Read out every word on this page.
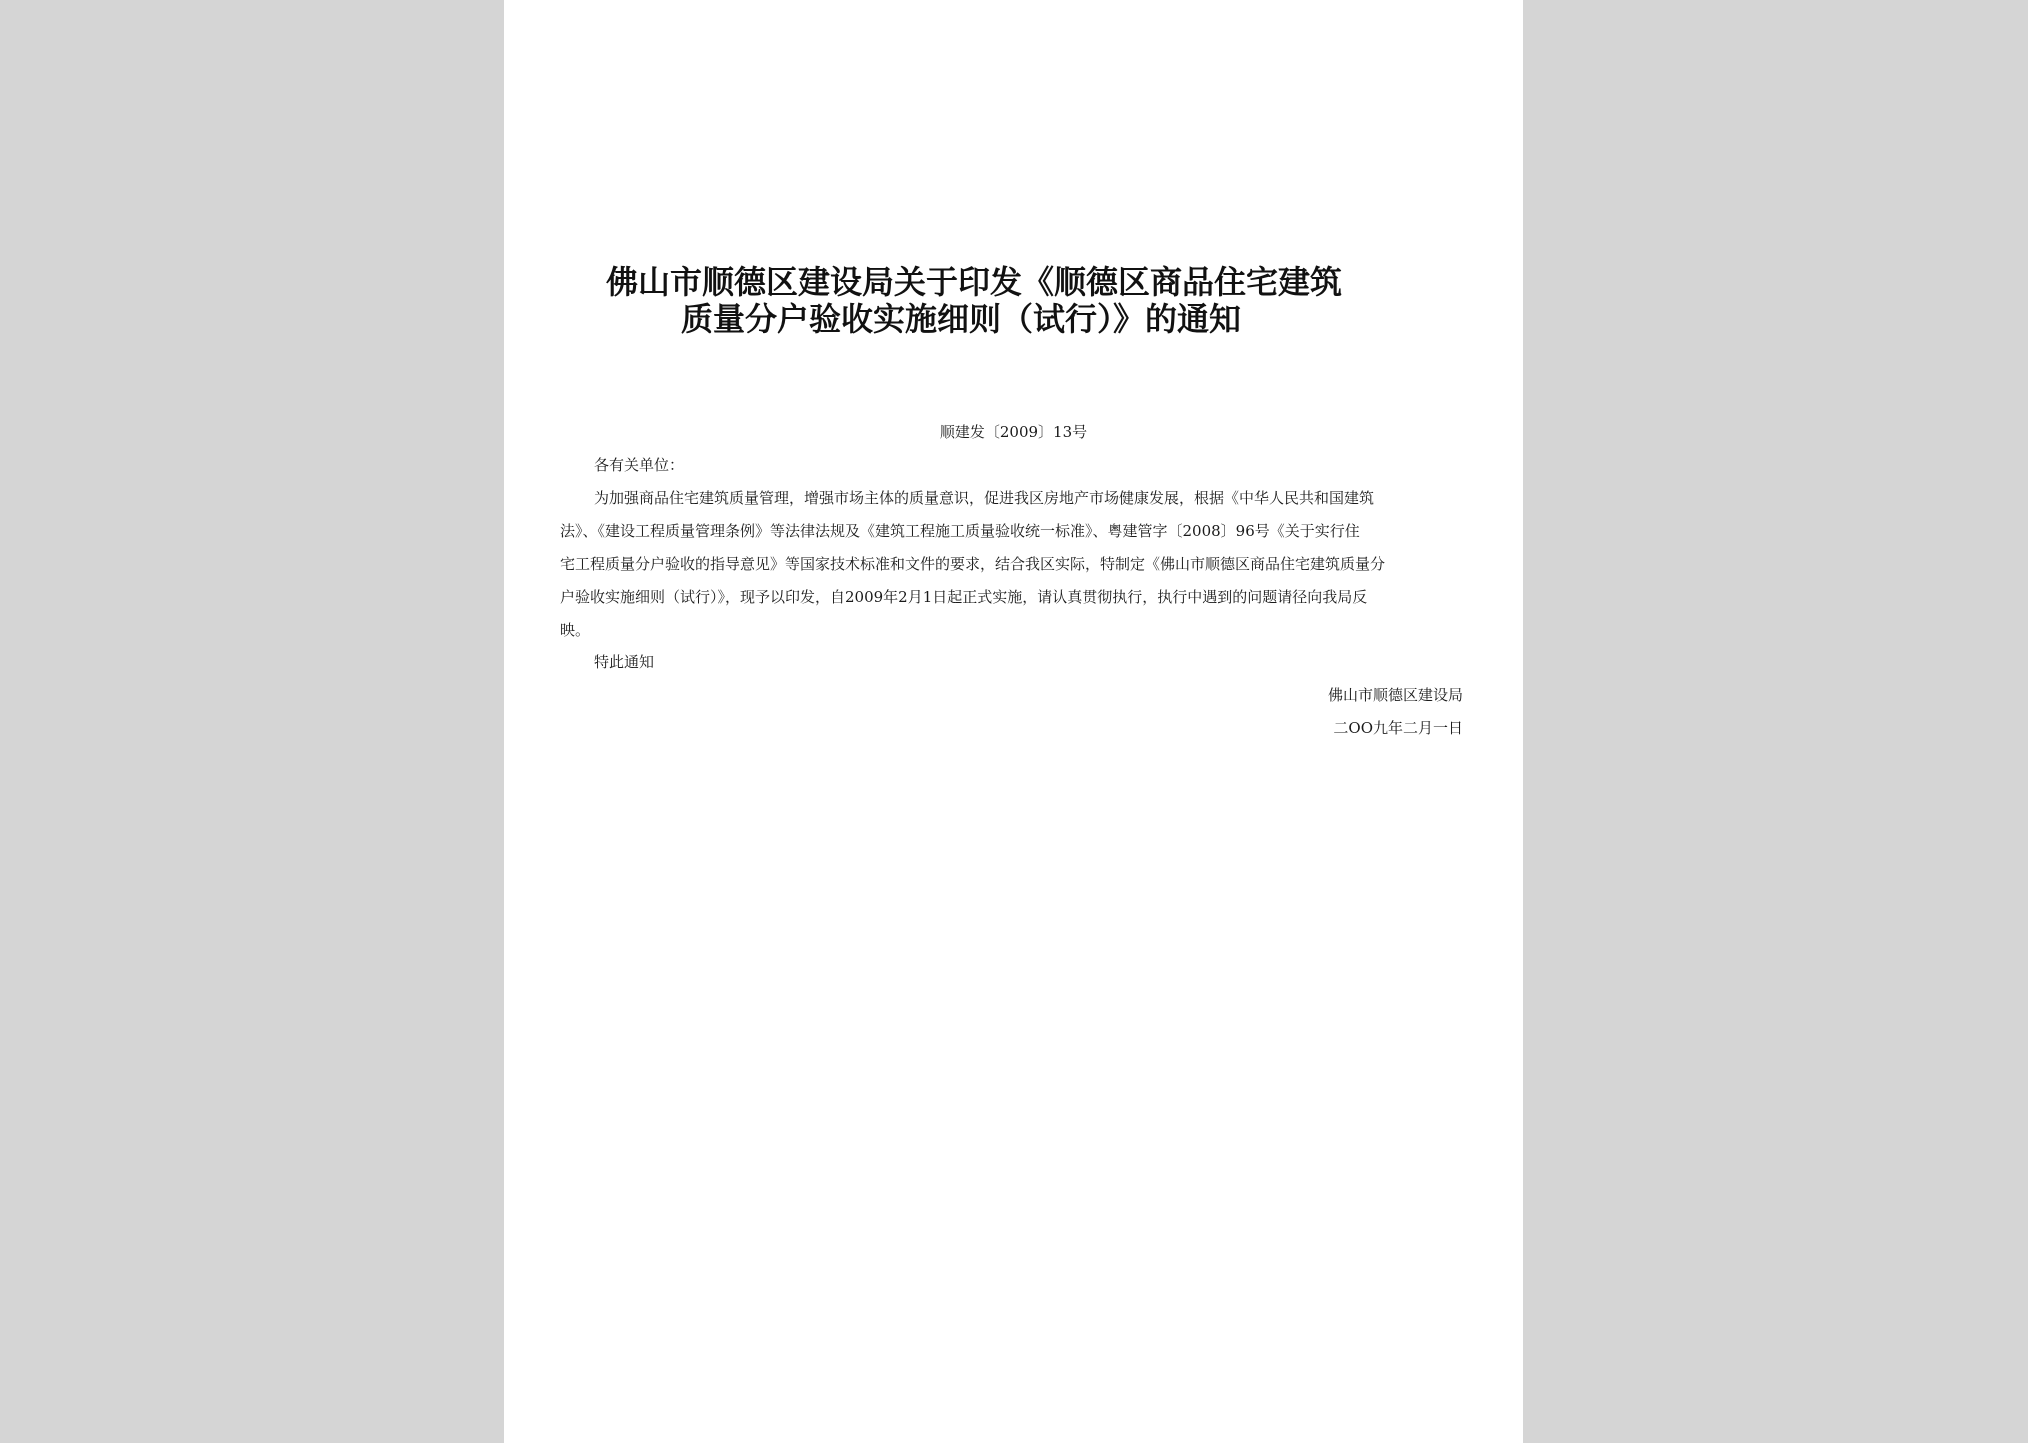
佛山市顺德区建设局关于印发《顺德区商品住宅建筑
质量分户验收实施细则（试行）》的通知
顺建发〔2009〕13号
各有关单位：
为加强商品住宅建筑质量管理，增强市场主体的质量意识，促进我区房地产市场健康发展，根据《中华人民共和国建筑
法》、《建设工程质量管理条例》等法律法规及《建筑工程施工质量验收统一标准》、粤建管字〔2008〕96号《关于实行住
宅工程质量分户验收的指导意见》等国家技术标准和文件的要求，结合我区实际，特制定《佛山市顺德区商品住宅建筑质量分
户验收实施细则（试行）》，现予以印发，自2009年2月1日起正式实施，请认真贯彻执行，执行中遇到的问题请径向我局反
映。
特此通知
佛山市顺德区建设局
二OO九年二月一日
